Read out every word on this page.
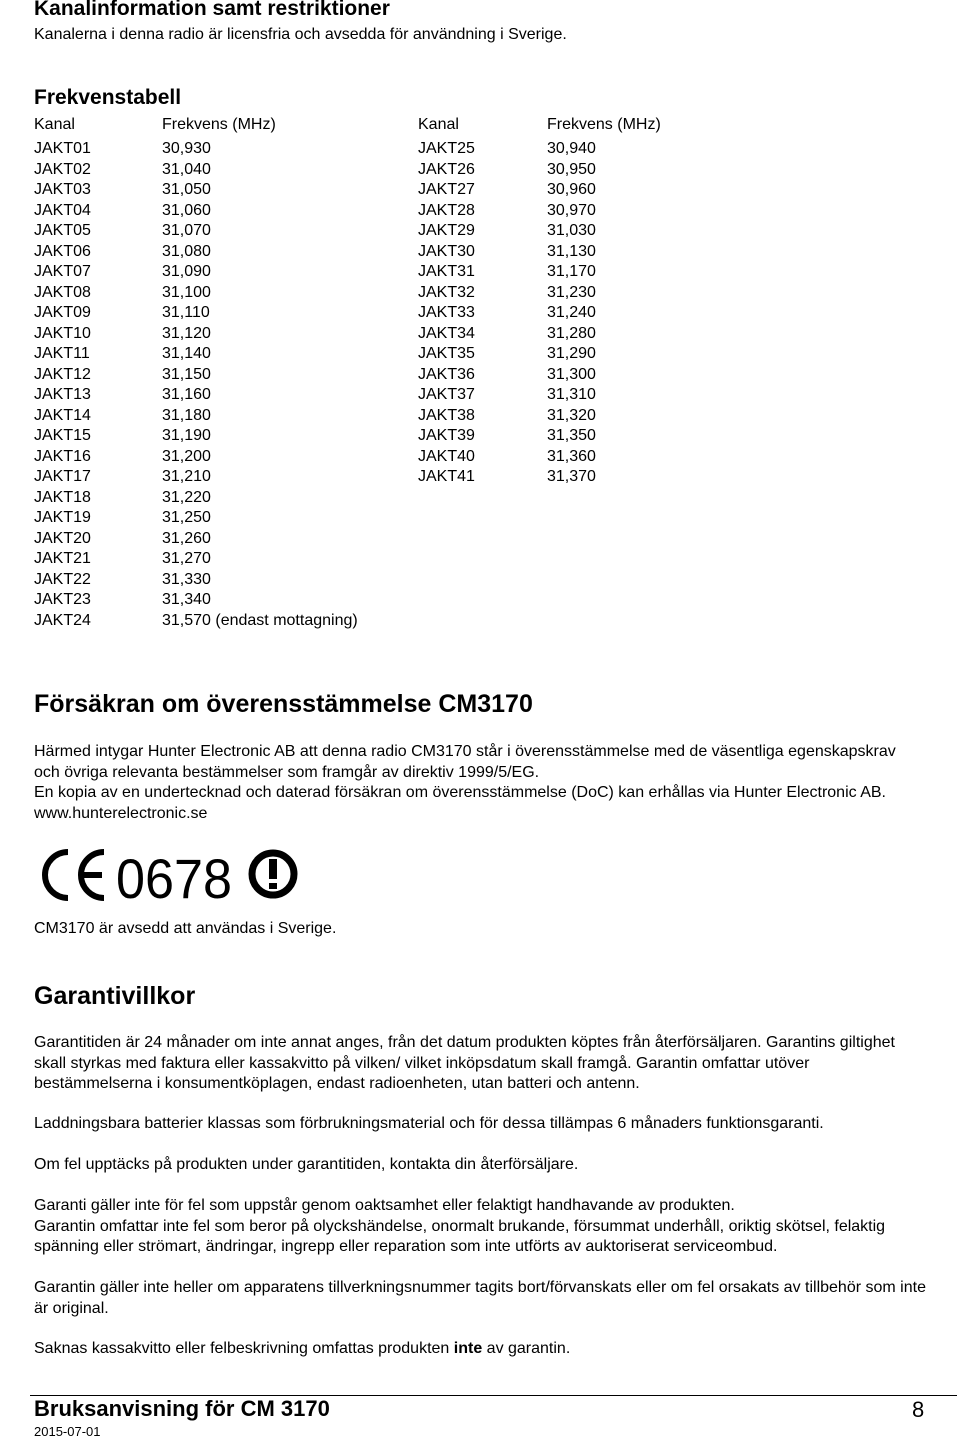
Kanalinformation samt restriktioner

Kanalerna i denna radio är licensfria och avsedda för användning i Sverige.

Frekvenstabell
Kanal	Frekvens (MHz)	Kanal	Frekvens (MHz)
JAKT01	30,930	JAKT25	30,940
JAKT02	31,040	JAKT26	30,950
JAKT03	31,050	JAKT27	30,960
JAKT04	31,060	JAKT28	30,970
JAKT05	31,070	JAKT29	31,030
JAKT06	31,080	JAKT30	31,130
JAKT07	31,090	JAKT31	31,170
JAKT08	31,100	JAKT32	31,230
JAKT09	31,110	JAKT33	31,240
JAKT10	31,120	JAKT34	31,280
JAKT11	31,140	JAKT35	31,290
JAKT12	31,150	JAKT36	31,300
JAKT13	31,160	JAKT37	31,310
JAKT14	31,180	JAKT38	31,320
JAKT15	31,190	JAKT39	31,350
JAKT16	31,200	JAKT40	31,360
JAKT17	31,210	JAKT41	31,370
JAKT18	31,220
JAKT19	31,250
JAKT20	31,260
JAKT21	31,270
JAKT22	31,330
JAKT23	31,340
JAKT24	31,570 (endast mottagning)
Försäkran om överensstämmelse CM3170
Härmed intygar Hunter Electronic AB att denna radio CM3170 står i överensstämmelse med de väsentliga egenskapskrav och övriga relevanta bestämmelser som framgår av direktiv 1999/5/EG.
En kopia av en undertecknad och daterad försäkran om överensstämmelse (DoC) kan erhållas via Hunter Electronic AB. www.hunterelectronic.se
0678

CM3170 är avsedd att användas i Sverige.

Garantivillkor

Garantitiden är 24 månader om inte annat anges, från det datum produkten köptes från återförsäljaren. Garantins giltighet skall styrkas med faktura eller kassakvitto på vilken/ vilket inköpsdatum skall framgå. Garantin omfattar utöver bestämmelserna i konsumentköplagen, endast radioenheten, utan batteri och antenn.

Laddningsbara batterier klassas som förbrukningsmaterial och för dessa tillämpas 6 månaders funktionsgaranti.

Om fel upptäcks på produkten under garantitiden, kontakta din återförsäljare.

Garanti gäller inte för fel som uppstår genom oaktsamhet eller felaktigt handhavande av produkten.
Garantin omfattar inte fel som beror på olyckshändelse, onormalt brukande, försummat underhåll, oriktig skötsel, felaktig spänning eller strömart, ändringar, ingrepp eller reparation som inte utförts av auktoriserat serviceombud.

Garantin gäller inte heller om apparatens tillverkningsnummer tagits bort/förvanskats eller om fel orsakats av tillbehör som inte är original.

Saknas kassakvitto eller felbeskrivning omfattas produkten inte av garantin.

Bruksanvisning för CM 3170	8
2015-07-01
